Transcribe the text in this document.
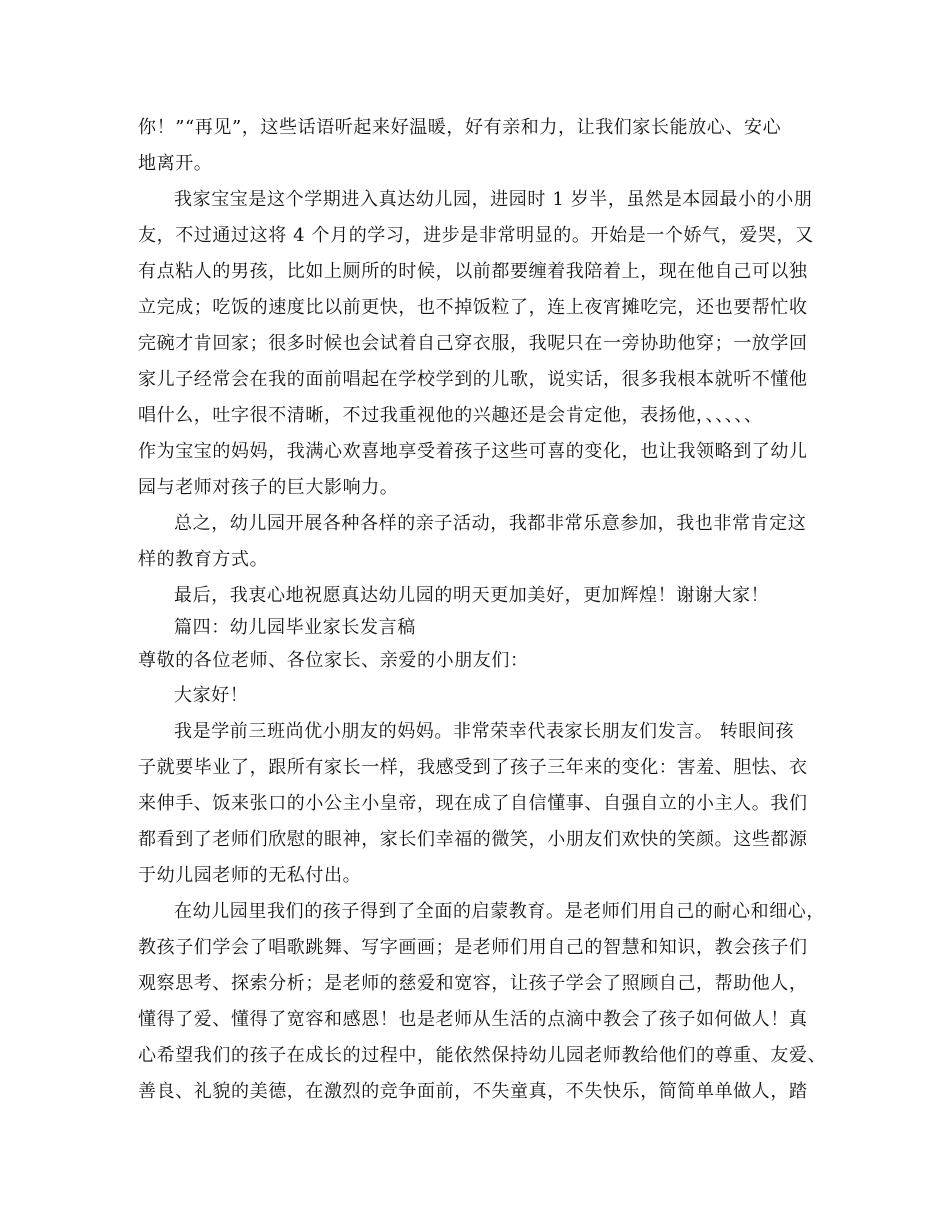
你！”“再见”，这些话语听起来好温暖，好有亲和力，让我们家长能放心、安心
地离开。
我家宝宝是这个学期进入真达幼儿园，进园时 1 岁半，虽然是本园最小的小朋
友，不过通过这将 4 个月的学习，进步是非常明显的。开始是一个娇气，爱哭，又
有点粘人的男孩，比如上厕所的时候，以前都要缠着我陪着上，现在他自己可以独
立完成；吃饭的速度比以前更快，也不掉饭粒了，连上夜宵摊吃完，还也要帮忙收
完碗才肯回家；很多时候也会试着自己穿衣服，我呢只在一旁协助他穿；一放学回
家儿子经常会在我的面前唱起在学校学到的儿歌，说实话，很多我根本就听不懂他
唱什么，吐字很不清晰，不过我重视他的兴趣还是会肯定他，表扬他，、、、、、
作为宝宝的妈妈，我满心欢喜地享受着孩子这些可喜的变化，也让我领略到了幼儿
园与老师对孩子的巨大影响力。
总之，幼儿园开展各种各样的亲子活动，我都非常乐意参加，我也非常肯定这
样的教育方式。
最后，我衷心地祝愿真达幼儿园的明天更加美好，更加辉煌！谢谢大家！
篇四：幼儿园毕业家长发言稿
尊敬的各位老师、各位家长、亲爱的小朋友们：
大家好！
我是学前三班尚优小朋友的妈妈。非常荣幸代表家长朋友们发言。 转眼间孩
子就要毕业了，跟所有家长一样，我感受到了孩子三年来的变化：害羞、胆怯、衣
来伸手、饭来张口的小公主小皇帝，现在成了自信懂事、自强自立的小主人。我们
都看到了老师们欣慰的眼神，家长们幸福的微笑，小朋友们欢快的笑颜。这些都源
于幼儿园老师的无私付出。
在幼儿园里我们的孩子得到了全面的启蒙教育。是老师们用自己的耐心和细心，
教孩子们学会了唱歌跳舞、写字画画；是老师们用自己的智慧和知识，教会孩子们
观察思考、探索分析；是老师的慈爱和宽容，让孩子学会了照顾自己，帮助他人，
懂得了爱、懂得了宽容和感恩！也是老师从生活的点滴中教会了孩子如何做人！真
心希望我们的孩子在成长的过程中，能依然保持幼儿园老师教给他们的尊重、友爱、
善良、礼貌的美德，在激烈的竞争面前，不失童真，不失快乐，简简单单做人，踏
